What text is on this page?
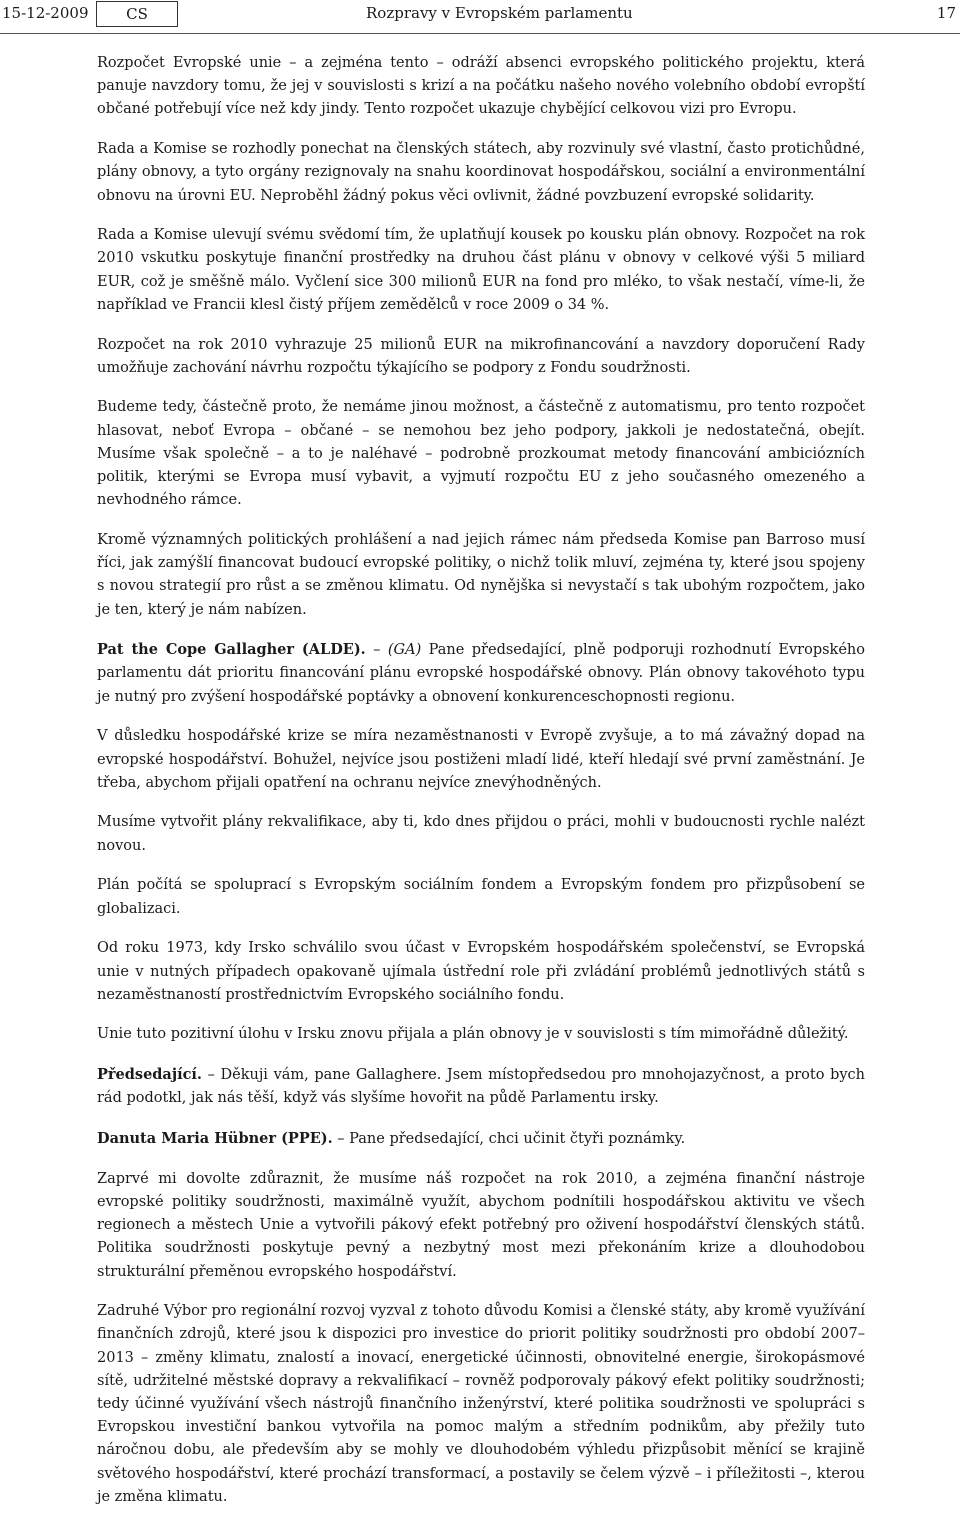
15-12-2009	CS	Rozpravy v Evropském parlamentu	17

Rozpočet Evropské unie – a zejména tento – odráží absenci evropského politického projektu, která panuje navzdory tomu, že jej v souvislosti s krizí a na počátku našeho nového volebního období evropští občané potřebují více než kdy jindy. Tento rozpočet ukazuje chybějící celkovou vizi pro Evropu.

Rada a Komise se rozhodly ponechat na členských státech, aby rozvinuly své vlastní, často protichůdné, plány obnovy, a tyto orgány rezignovaly na snahu koordinovat hospodářskou, sociální a environmentální obnovu na úrovni EU. Neproběhl žádný pokus věci ovlivnit, žádné povzbuzení evropské solidarity.

Rada a Komise ulevují svému svědomí tím, že uplatňují kousek po kousku plán obnovy. Rozpočet na rok 2010 vskutku poskytuje finanční prostředky na druhou část plánu v obnovy v celkové výši 5 miliard EUR, což je směšně málo. Vyčlení sice 300 milionů EUR na fond pro mléko, to však nestačí, víme-li, že například ve Francii klesl čistý příjem zemědělců v roce 2009 o 34 %.

Rozpočet na rok 2010 vyhrazuje 25 milionů EUR na mikrofinancování a navzdory doporučení Rady umožňuje zachování návrhu rozpočtu týkajícího se podpory z Fondu soudržnosti.

Budeme tedy, částečně proto, že nemáme jinou možnost, a částečně z automatismu, pro tento rozpočet hlasovat, neboť Evropa – občané – se nemohou bez jeho podpory, jakkoli je nedostatečná, obejít. Musíme však společně – a to je naléhavé – podrobně prozkoumat metody financování ambiciózních politik, kterými se Evropa musí vybavit, a vyjmutí rozpočtu EU z jeho současného omezeného a nevhodného rámce.

Kromě významných politických prohlášení a nad jejich rámec nám předseda Komise pan Barroso musí říci, jak zamýšlí financovat budoucí evropské politiky, o nichž tolik mluví, zejména ty, které jsou spojeny s novou strategií pro růst a se změnou klimatu. Od nynějška si nevystačí s tak ubohým rozpočtem, jako je ten, který je nám nabízen.

Pat the Cope Gallagher (ALDE). – (GA) Pane předsedající, plně podporuji rozhodnutí Evropského parlamentu dát prioritu financování plánu evropské hospodářské obnovy. Plán obnovy takovéhoto typu je nutný pro zvýšení hospodářské poptávky a obnovení konkurenceschopnosti regionu.

V důsledku hospodářské krize se míra nezaměstnanosti v Evropě zvyšuje, a to má závažný dopad na evropské hospodářství. Bohužel, nejvíce jsou postiženi mladí lidé, kteří hledají své první zaměstnání. Je třeba, abychom přijali opatření na ochranu nejvíce znevýhodněných.

Musíme vytvořit plány rekvalifikace, aby ti, kdo dnes přijdou o práci, mohli v budoucnosti rychle nalézt novou.

Plán počítá se spoluprací s Evropským sociálním fondem a Evropským fondem pro přizpůsobení se globalizaci.

Od roku 1973, kdy Irsko schválilo svou účast v Evropském hospodářském společenství, se Evropská unie v nutných případech opakovaně ujímala ústřední role při zvládání problémů jednotlivých států s nezaměstnaností prostřednictvím Evropského sociálního fondu.

Unie tuto pozitivní úlohu v Irsku znovu přijala a plán obnovy je v souvislosti s tím mimořádně důležitý.

Předsedající. – Děkuji vám, pane Gallaghere. Jsem místopředsedou pro mnohojazyčnost, a proto bych rád podotkl, jak nás těší, když vás slyšíme hovořit na půdě Parlamentu irsky.

Danuta Maria Hübner (PPE). – Pane předsedající, chci učinit čtyři poznámky.

Zaprvé mi dovolte zdůraznit, že musíme náš rozpočet na rok 2010, a zejména finanční nástroje evropské politiky soudržnosti, maximálně využít, abychom podnítili hospodářskou aktivitu ve všech regionech a městech Unie a vytvořili pákový efekt potřebný pro oživení hospodářství členských států. Politika soudržnosti poskytuje pevný a nezbytný most mezi překonáním krize a dlouhodobou strukturální přeměnou evropského hospodářství.

Zadruhé Výbor pro regionální rozvoj vyzval z tohoto důvodu Komisi a členské státy, aby kromě využívání finančních zdrojů, které jsou k dispozici pro investice do priorit politiky soudržnosti pro období 2007–2013 – změny klimatu, znalostí a inovací, energetické účinnosti, obnovitelné energie, širokopásmové sítě, udržitelné městské dopravy a rekvalifikací – rovněž podporovaly pákový efekt politiky soudržnosti; tedy účinné využívání všech nástrojů finančního inženýrství, které politika soudržnosti ve spolupráci s Evropskou investiční bankou vytvořila na pomoc malým a středním podnikům, aby přežily tuto náročnou dobu, ale především aby se mohly ve dlouhodobém výhledu přizpůsobit měnící se krajině světového hospodářství, které prochází transformací, a postavily se čelem výzvě – i příležitosti –, kterou je změna klimatu.
